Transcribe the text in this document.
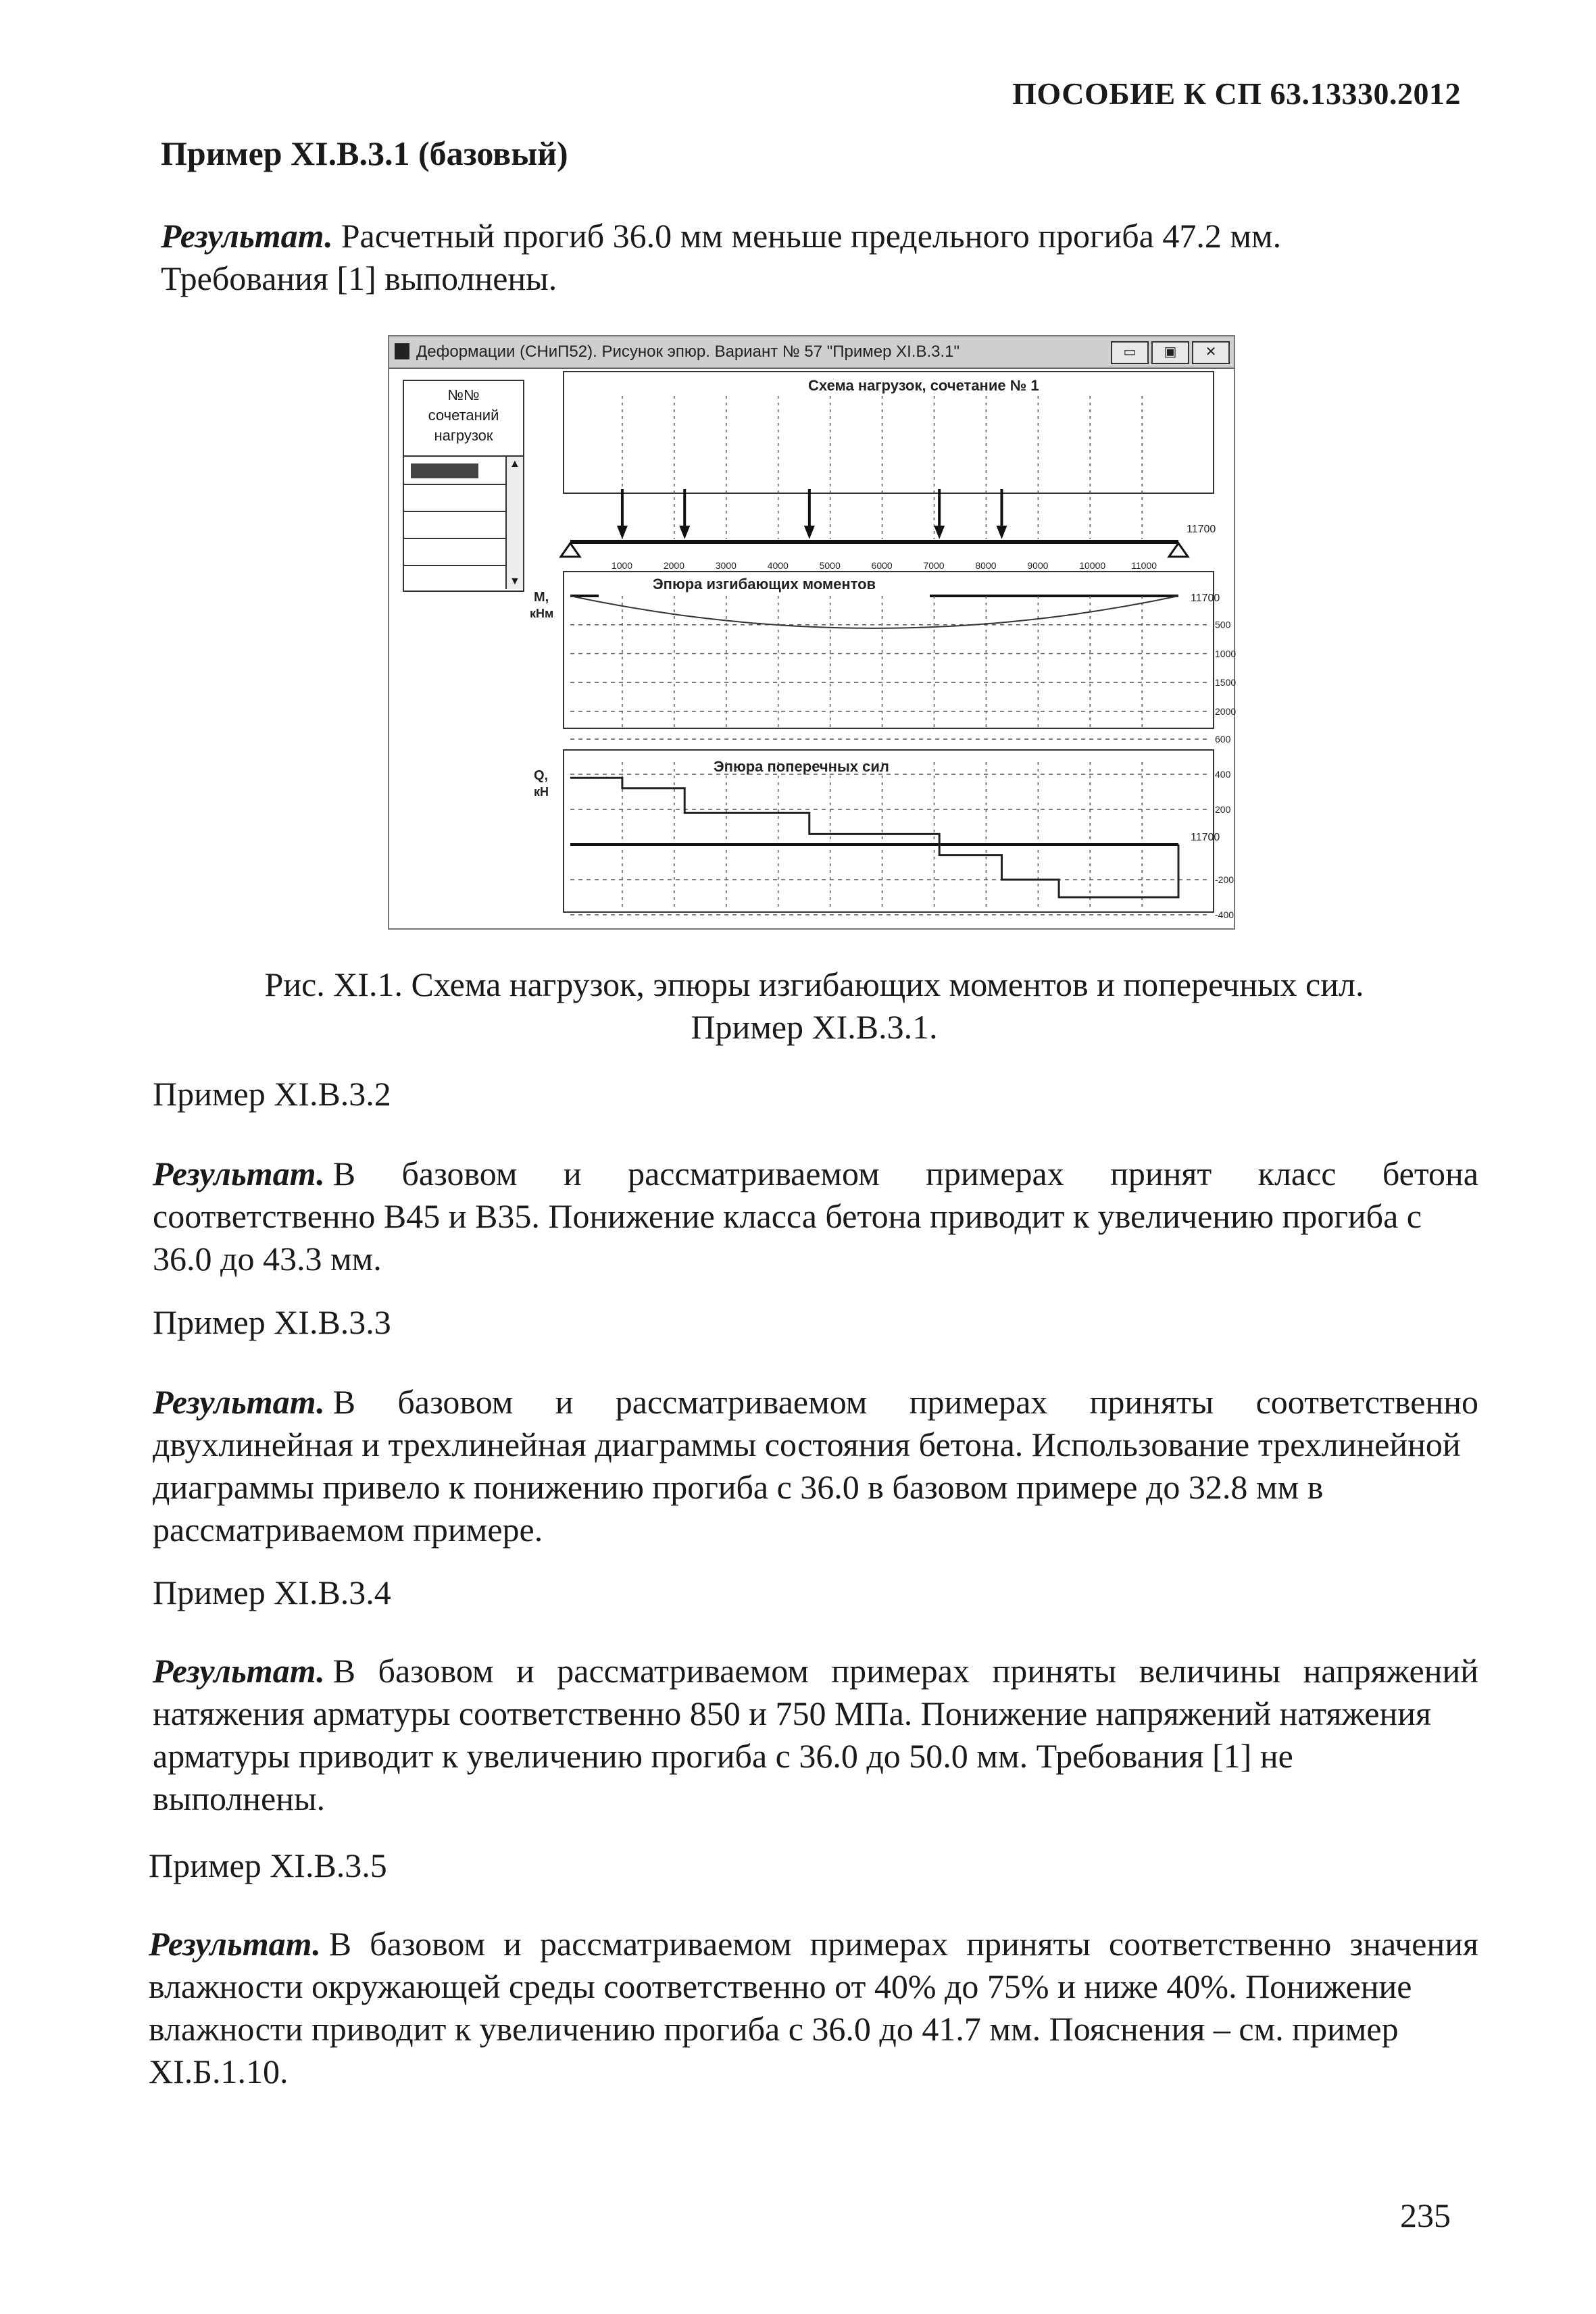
ПОСОБИЕ К СП 63.13330.2012
Пример XI.B.3.1 (базовый)
Результат. Расчетный прогиб 36.0 мм меньше предельного прогиба 47.2 мм.
Требования [1] выполнены.
Деформации (СНиП52). Рисунок эпюр. Вариант № 57 "Пример XI.B.3.1"	▭	▣	✕
№№
сочетаний
нагрузок
▲
▼
Схема нагрузок, сочетание № 1
11700
1000	2000	3000	4000	5000	6000	7000	8000	9000	10000	11000
Эпюра изгибающих моментов
M,
кНм
11700
500
1000
1500
2000
Эпюра поперечных сил
Q,
кН
11700
600
400
200
-200
-400
Рис. XI.1. Схема нагрузок, эпюры изгибающих моментов и поперечных сил.
Пример XI.B.3.1.
Пример XI.B.3.2
Результат. В базовом и рассматриваемом примерах принят класс бетона
соответственно В45 и В35. Понижение класса бетона приводит к увеличению прогиба с
36.0 до 43.3 мм.
Пример XI.B.3.3
Результат. В базовом и рассматриваемом примерах приняты соответственно
двухлинейная и трехлинейная диаграммы состояния бетона. Использование трехлинейной
диаграммы привело к понижению прогиба с 36.0 в базовом примере до 32.8 мм в
рассматриваемом примере.
Пример XI.B.3.4
Результат. В базовом и рассматриваемом примерах приняты величины напряжений
натяжения арматуры соответственно 850 и 750 МПа. Понижение напряжений натяжения
арматуры приводит к увеличению прогиба с 36.0 до 50.0 мм. Требования [1] не
выполнены.
Пример XI.B.3.5
Результат. В базовом и рассматриваемом примерах приняты соответственно значения
влажности окружающей среды соответственно от 40% до 75% и ниже 40%. Понижение
влажности приводит к увеличению прогиба с 36.0 до 41.7 мм. Пояснения – см. пример
XI.Б.1.10.
235
